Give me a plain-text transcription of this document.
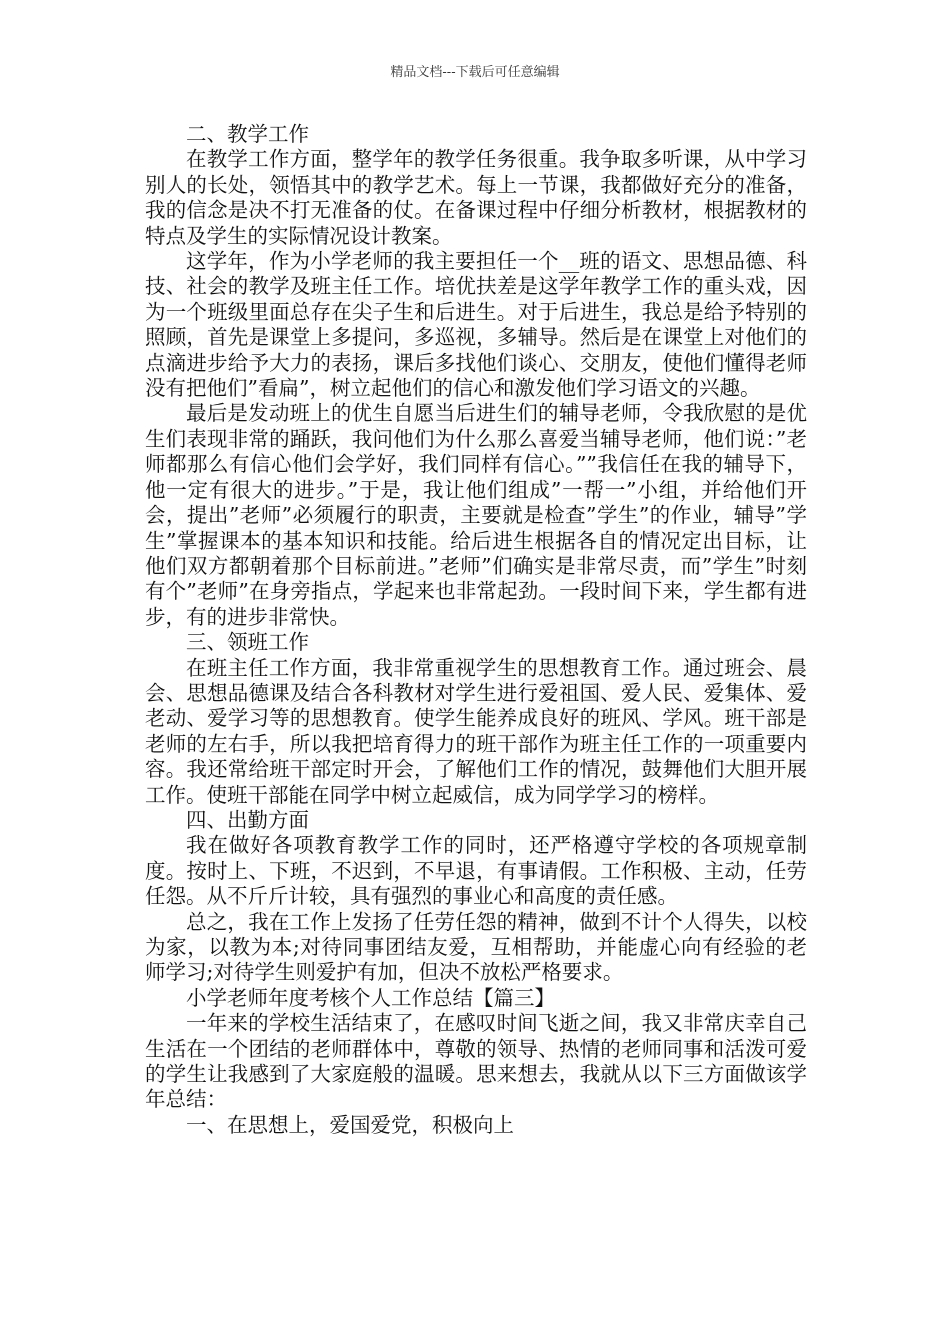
精品文档---下载后可任意编辑

二、教学工作

在教学工作方面，整学年的教学任务很重。我争取多听课，从中学习别人的长处，领悟其中的教学艺术。每上一节课，我都做好充分的准备，我的信念是决不打无准备的仗。在备课过程中仔细分析教材，根据教材的特点及学生的实际情况设计教案。

这学年，作为小学老师的我主要担任一个__班的语文、思想品德、科技、社会的教学及班主任工作。培优扶差是这学年教学工作的重头戏，因为一个班级里面总存在尖子生和后进生。对于后进生，我总是给予特别的照顾，首先是课堂上多提问，多巡视，多辅导。然后是在课堂上对他们的点滴进步给予大力的表扬，课后多找他们谈心、交朋友，使他们懂得老师没有把他们”看扁”，树立起他们的信心和激发他们学习语文的兴趣。

最后是发动班上的优生自愿当后进生们的辅导老师，令我欣慰的是优生们表现非常的踊跃，我问他们为什么那么喜爱当辅导老师，他们说：”老师都那么有信心他们会学好，我们同样有信心。””我信任在我的辅导下，他一定有很大的进步。”于是，我让他们组成”一帮一”小组，并给他们开会，提出”老师”必须履行的职责，主要就是检查”学生”的作业，辅导”学生”掌握课本的基本知识和技能。给后进生根据各自的情况定出目标，让他们双方都朝着那个目标前进。”老师”们确实是非常尽责，而”学生”时刻有个”老师”在身旁指点，学起来也非常起劲。一段时间下来，学生都有进步，有的进步非常快。

三、领班工作

在班主任工作方面，我非常重视学生的思想教育工作。通过班会、晨会、思想品德课及结合各科教材对学生进行爱祖国、爱人民、爱集体、爱老动、爱学习等的思想教育。使学生能养成良好的班风、学风。班干部是老师的左右手，所以我把培育得力的班干部作为班主任工作的一项重要内容。我还常给班干部定时开会，了解他们工作的情况，鼓舞他们大胆开展工作。使班干部能在同学中树立起威信，成为同学学习的榜样。

四、出勤方面

我在做好各项教育教学工作的同时，还严格遵守学校的各项规章制度。按时上、下班，不迟到，不早退，有事请假。工作积极、主动，任劳任怨。从不斤斤计较，具有强烈的事业心和高度的责任感。

总之，我在工作上发扬了任劳任怨的精神，做到不计个人得失，以校为家，以教为本;对待同事团结友爱，互相帮助，并能虚心向有经验的老师学习;对待学生则爱护有加，但决不放松严格要求。

小学老师年度考核个人工作总结【篇三】

一年来的学校生活结束了，在感叹时间飞逝之间，我又非常庆幸自己生活在一个团结的老师群体中，尊敬的领导、热情的老师同事和活泼可爱的学生让我感到了大家庭般的温暖。思来想去，我就从以下三方面做该学年总结：

一、在思想上，爱国爱党，积极向上
